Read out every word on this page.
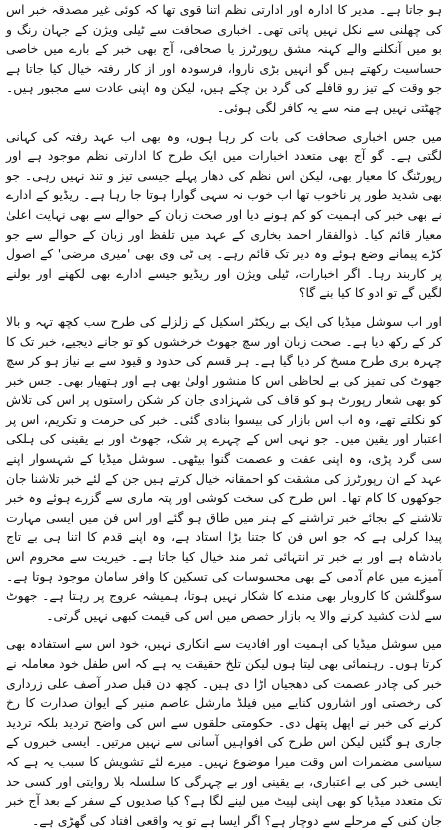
ہو جاتا ہے۔ مدیر کا ادارہ اور ادارتی نظم اتنا قوی تھا کہ کوئی غیر مصدقہ خبر اس کی چھلنی سے نکل نہیں پاتی تھی۔ اخباری صحافت سے ٹیلی ویژن کے جہان رنگ و بو میں آنکلنے والے کہنہ مشق رپورٹرز یا صحافی، آج بھی خبر کے بارے میں خاصی حساسیت رکھتے ہیں گو انہیں بڑی ناروا، فرسودہ اور از کار رفتہ خیال کیا جاتا ہے جو وقت کے تیز رو قافلے کی گرد بن چکے ہیں، لیکن وہ اپنی عادت سے مجبور ہیں۔ چھٹتی نہیں ہے منہ سے یہ کافر لگی ہوئی۔

میں جس اخباری صحافت کی بات کر رہا ہوں، وہ بھی اب عہد رفتہ کی کہانی لگتی ہے۔ گو آج بھی متعدد اخبارات میں ایک طرح کا ادارتی نظم موجود ہے اور رپورٹنگ کا معیار بھی، لیکن اس نظم کی دھار پہلے جیسی تیز و تند نہیں رہی۔ جو بھی شدید طور پر ناخوب تھا اب خوب نہ سہی گوارا ہوتا جا رہا ہے۔ ریڈیو کے ادارے نے بھی خبر کی اہمیت کو کم ہونے دیا اور صحت زبان کے حوالے سے بھی نہایت اعلیٰ معیار قائم کیا۔ ذوالفقار احمد بخاری کے عہد میں تلفظ اور زبان کے حوالے سے جو کڑے پیمانے وضع ہوئے وہ دیر تک قائم رہے۔ پی ٹی وی بھی 'میری مرضی' کے اصول پر کاربند رہا۔ اگر اخبارات، ٹیلی ویژن اور ریڈیو جیسے ادارے بھی لکھنے اور بولنے لگیں گے تو ادو کا کیا بنے گا؟

اور اب سوشل میڈیا کی ایک بے ریکٹر اسکیل کے زلزلے کی طرح سب کچھ تہہ و بالا کر کے رکھ دیا ہے۔ صحت زبان اور سچ جھوٹ خرخشوں کو تو جانے دیجیے، خبر تک کا چہرہ بری طرح مسخ کر دیا گیا ہے۔ ہر قسم کی حدود و قیود سے بے نیاز ہو کر سچ جھوٹ کی تمیز کی بے لحاظی اس کا منشور اولیٰ بھی ہے اور ہتھیار بھی۔ جس خبر کو بھی شعار رپورٹ ہو کو قاف کی شہزادی جان کر شکن راستوں پر اس کی تلاش کو نکلتے تھے، وہ اب اس بازار کی بیسوا بنادی گئی۔ خبر کی حرمت و تکریم، اس پر اعتبار اور یقین میں۔ جو نہی اس کے چہرے پر شک، جھوٹ اور بے یقینی کی ہلکی سی گرد پڑی، وہ اپنی عفت و عصمت گنوا بیٹھی۔ سوشل میڈیا کے شہسوار اپنے عہد کے ان رپورٹرز کی مشقت کو احمقانہ خیال کرتے ہیں جن کے لئے خبر تلاشنا جان جوکھوں کا کام تھا۔ اس طرح کی سخت کوشی اور پتہ ماری سے گزرے ہوئے وہ خبر تلاشنے کے بجائے خبر تراشنے کے ہنر میں طاق ہو گئے اور اس فن میں ایسی مہارت پیدا کرلی ہے کہ جو اس فن کا جتنا بڑا استاد ہے، وہ اپنے قدم کا اتنا ہی بے تاج بادشاہ ہے اور بے خبر تر انتہائی ثمر مند خیال کیا جاتا ہے۔ خیریت سے محروم اس آمیزے میں عام آدمی کے بھی محسوسات کی تسکین کا وافر سامان موجود ہوتا ہے۔ سوگلشن کا کاروبار بھی مندے کا شکار نہیں ہوتا، ہمیشہ عروج پر رہتا ہے۔ جھوٹ سے لذت کشید کرنے والا یہ بازار حصص میں اس کی قیمت کبھی نہیں گرتی۔

میں سوشل میڈیا کی اہمیت اور افادیت سے انکاری نہیں، خود اس سے استفادہ بھی کرتا ہوں۔ رہنمائی بھی لیتا ہوں لیکن تلخ حقیقت یہ ہے کہ اس طفل خود معاملہ نے خبر کی چادر عصمت کی دھجیاں اڑا دی ہیں۔ کچھ دن قبل صدر آصف علی زرداری کی رخصتی اور اشاروں کنایے میں فیلڈ مارشل عاصم منیر کے ایوان صدارت کا رخ کرنے کی خبر نے اپھل پتھل دی۔ حکومتی حلقوں سے اس کی واضح تردید بلکہ تردید جاری ہو گئیں لیکن اس طرح کی افواہیں آسانی سے نہیں مرتیں۔ ایسی خبروں کے سیاسی مضمرات اس وقت میرا موضوع نہیں۔ میرے لئے تشویش کا سبب یہ ہے کہ ایسی خبر کی بے اعتباری، بے یقینی اور بے چہرگی کا سلسلہ بلا روایتی اور کسی حد تک متعدد میڈیا کو بھی اپنی لپیٹ میں لینے لگا ہے؟ کیا صدیوں کے سفر کے بعد آج خبر جان کنی کے مرحلے سے دوچار ہے؟ اگر ایسا ہے تو یہ واقعی افتاد کی گھڑی ہے۔
